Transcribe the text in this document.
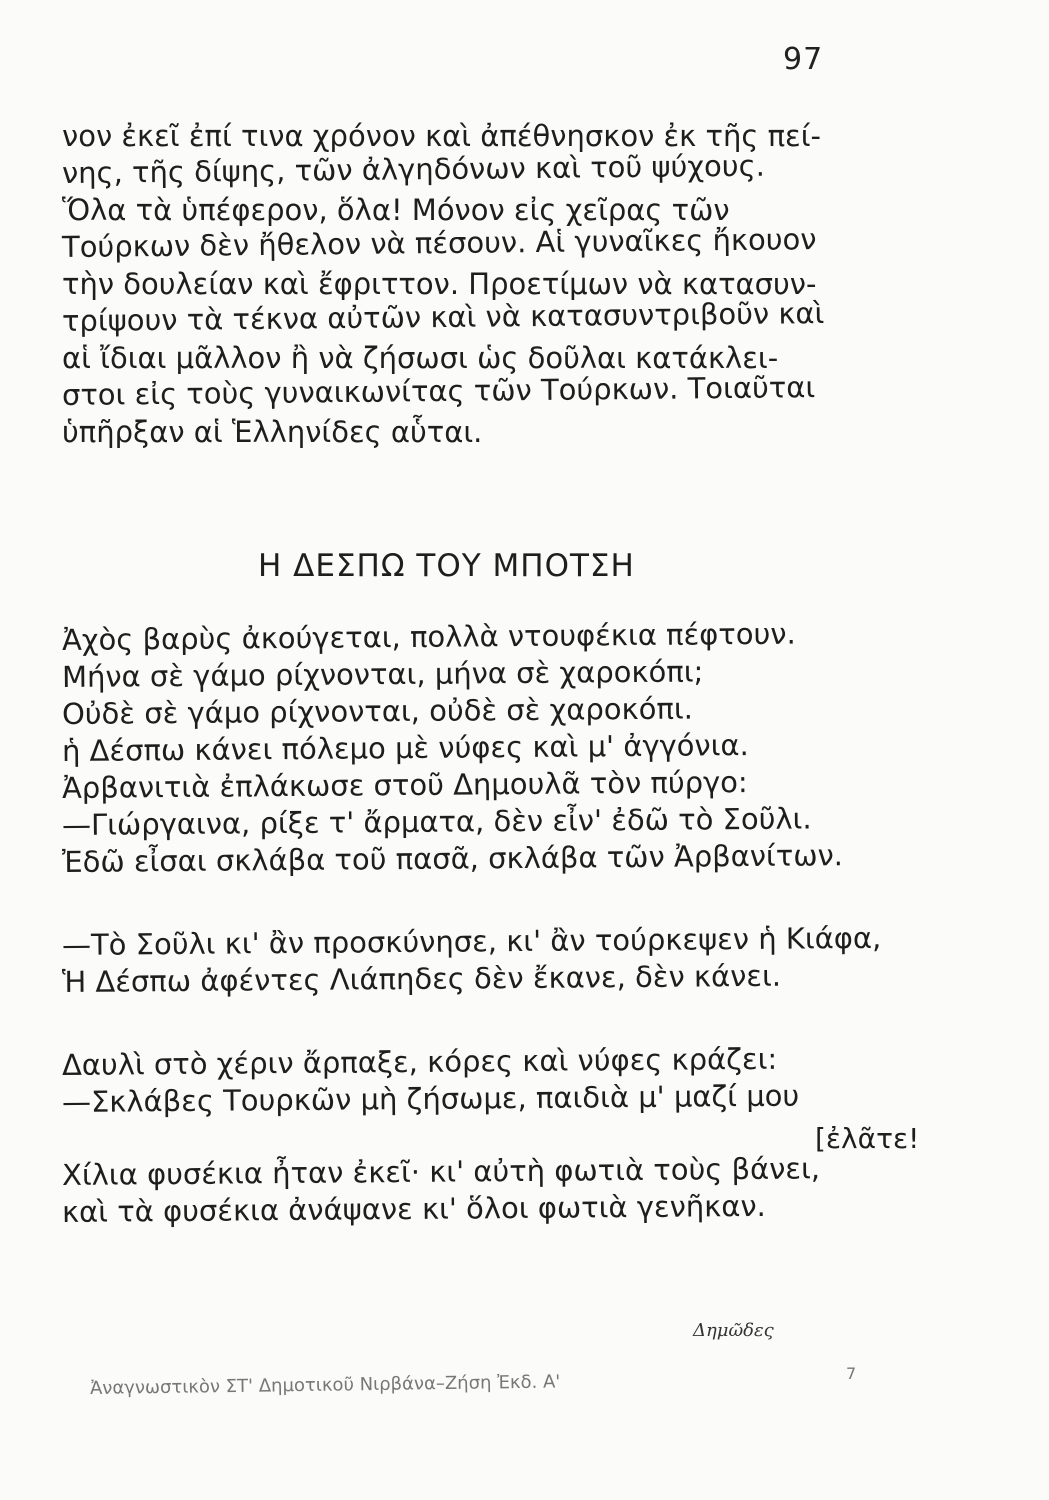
97
νον ἐκεῖ ἐπί τινα χρόνον καὶ ἀπέθνησκον ἐκ τῆς πεί-
νης, τῆς δίψης, τῶν ἀλγηδόνων καὶ τοῦ ψύχους.
Ὅλα τὰ ὑπέφερον, ὅλα! Μόνον εἰς χεῖρας τῶν
Τούρκων δὲν ἤθελον νὰ πέσουν. Αἱ γυναῖκες ἤκουον
τὴν δουλείαν καὶ ἔφριττον. Προετίμων νὰ κατασυν-
τρίψουν τὰ τέκνα αὐτῶν καὶ νὰ κατασυντριβοῦν καὶ
αἱ ἴδιαι μᾶλλον ἢ νὰ ζήσωσι ὡς δοῦλαι κατάκλει-
στοι εἰς τοὺς γυναικωνίτας τῶν Τούρκων. Τοιαῦται
ὑπῆρξαν αἱ Ἑλληνίδες αὗται.
Η ΔΕΣΠΩ ΤΟΥ ΜΠΟΤΣΗ
Ἀχὸς βαρὺς ἀκούγεται, πολλὰ ντουφέκια πέφτουν.
Μήνα σὲ γάμο ρίχνονται, μήνα σὲ χαροκόπι;
Οὐδὲ σὲ γάμο ρίχνονται, οὐδὲ σὲ χαροκόπι.
ἡ Δέσπω κάνει πόλεμο μὲ νύφες καὶ μ' ἀγγόνια.
Ἀρβανιτιὰ ἐπλάκωσε στοῦ Δημουλᾶ τὸν πύργο:
—Γιώργαινα, ρίξε τ' ἄρματα, δὲν εἶν' ἐδῶ τὸ Σοῦλι.
Ἐδῶ εἶσαι σκλάβα τοῦ πασᾶ, σκλάβα τῶν Ἀρβανίτων.
—Τὸ Σοῦλι κι' ἂν προσκύνησε, κι' ἂν τούρκεψεν ἡ Κιάφα,
Ἡ Δέσπω ἀφέντες Λιάπηδες δὲν ἔκανε, δὲν κάνει.
Δαυλὶ στὸ χέριν ἄρπαξε, κόρες καὶ νύφες κράζει:
—Σκλάβες Τουρκῶν μὴ ζήσωμε, παιδιὰ μ' μαζί μου
[ἐλᾶτε!
Χίλια φυσέκια ἦταν ἐκεῖ· κι' αὐτὴ φωτιὰ τοὺς βάνει,
καὶ τὰ φυσέκια ἀνάψανε κι' ὅλοι φωτιὰ γενῆκαν.
Δημῶδες
Ἀναγνωστικὸν ΣΤ' Δημοτικοῦ Νιρβάνα–Ζήση Ἐκδ. Α'	7
